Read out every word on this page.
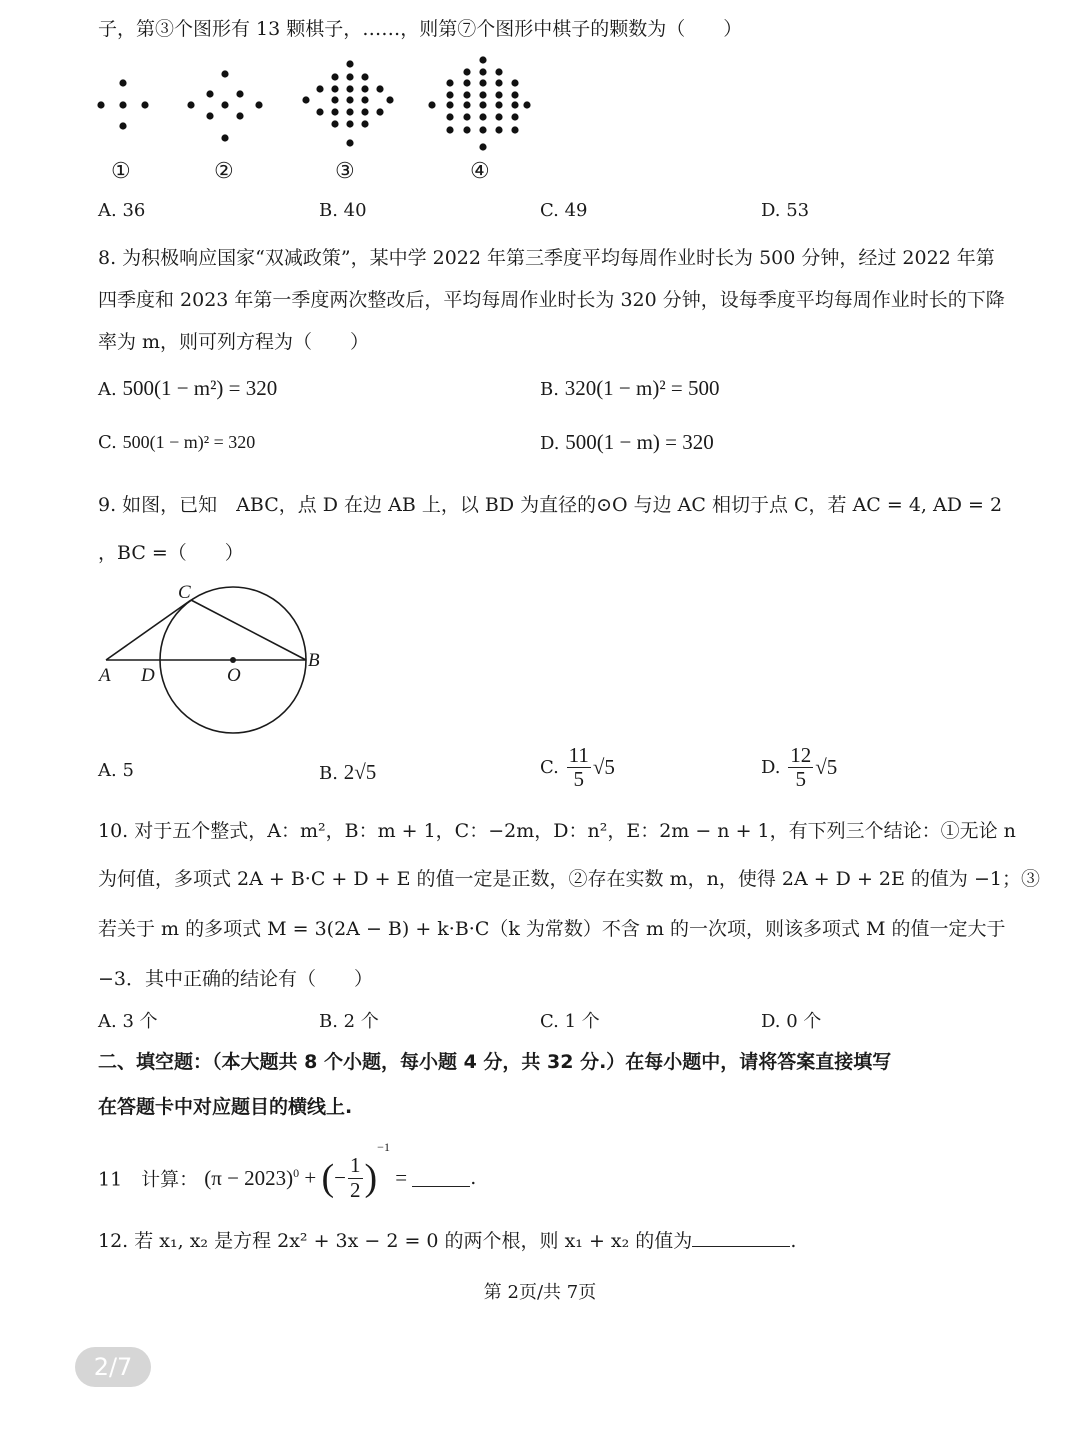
子，第③个图形有 13 颗棋子，……，则第⑦个图形中棋子的颗数为（　　）
①	②	③	④
A. 36	B. 40	C. 49	D. 53
8. 为积极响应国家“双减政策”，某中学 2022 年第三季度平均每周作业时长为 500 分钟，经过 2022 年第
四季度和 2023 年第一季度两次整改后，平均每周作业时长为 320 分钟，设每季度平均每周作业时长的下降
率为 m，则可列方程为（　　）
A. 500(1 − m²) = 320	B. 320(1 − m)² = 500
C. 500(1 − m)² = 320	D. 500(1 − m) = 320
9. 如图，已知　ABC，点 D 在边 AB 上，以 BD 为直径的⊙O 与边 AC 相切于点 C，若 AC = 4, AD = 2
，BC =（　　）
C
A D	O
B
A. 5	B. 2√5	C. $\frac{11}{5} √5$	D. $\frac{12}{5} √5$
10. 对于五个整式，A：m²，B：m + 1，C：−2m，D：n²，E：2m − n + 1，有下列三个结论：①无论 n
为何值，多项式 2A + B·C + D + E 的值一定是正数，②存在实数 m，n，使得 2A + D + 2E 的值为 −1；③
若关于 m 的多项式 M = 3(2A − B) + k·B·C（k 为常数）不含 m 的一次项，则该多项式 M 的值一定大于
−3．其中正确的结论有（　　）
A. 3 个	B. 2 个	C. 1 个	D. 0 个
二、填空题：（本大题共 8 个小题，每小题 4 分，共 32 分.）在每小题中，请将答案直接填写
在答题卡中对应题目的横线上.
11　计算： $(\pi - 2023)^0$ + (− $\frac{1}{2} )^{-1}$ =	.
12. 若 x₁, x₂ 是方程 2x² + 3x − 2 = 0 的两个根，则 x₁ + x₂ 的值为	.
第 2页/共 7页
2/7
